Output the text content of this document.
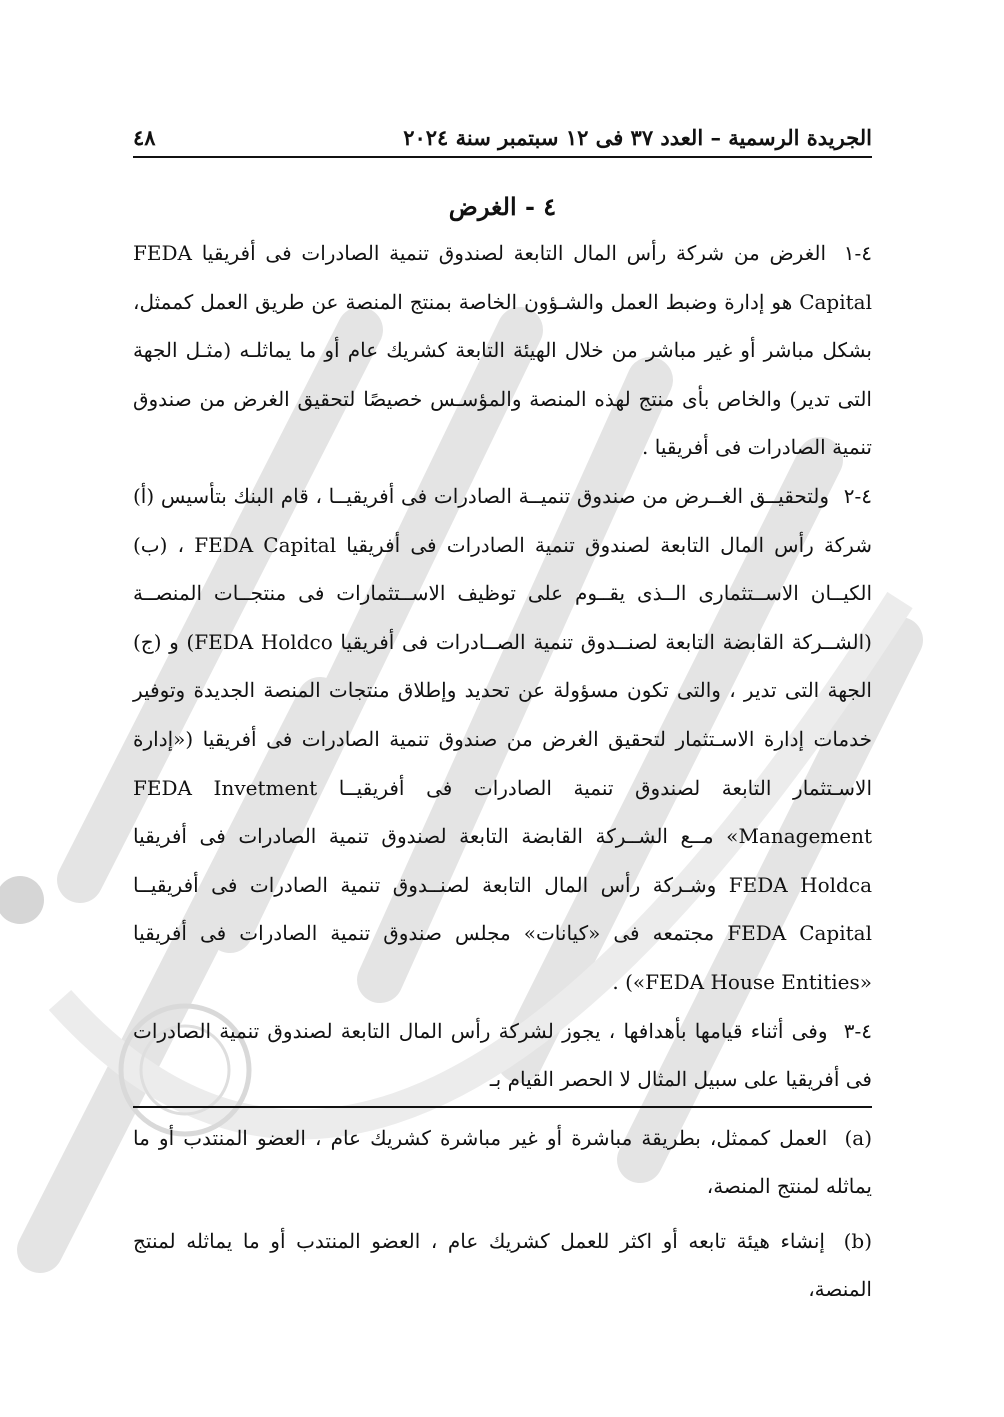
الجريدة الرسمية – العدد ٣٧ فى ١٢ سبتمبر سنة ٢٠٢٤
٤٨
٤ - الغرض

٤-١ الغرض من شركة رأس المال التابعة لصندوق تنمية الصادرات فى أفريقيا FEDA Capital هو إدارة وضبط العمل والشـؤون الخاصة بمنتج المنصة عن طريق العمل كممثل، بشكل مباشر أو غير مباشر من خلال الهيئة التابعة كشريك عام أو ما يماثلـه (مثـل الجهة التى تدير) والخاص بأى منتج لهذه المنصة والمؤسـس خصيصًا لتحقيق الغرض من صندوق تنمية الصادرات فى أفريقيا .

٤-٢ ولتحقيــق الغــرض من صندوق تنميــة الصادرات فى أفريقيــا ، قام البنك بتأسيس (أ) شركة رأس المال التابعة لصندوق تنمية الصادرات فى أفريقيا FEDA Capital ، (ب) الكيــان الاســتثمارى الــذى يقــوم على توظيف الاســتثمارات فى منتجــات المنصــة (الشــركة القابضة التابعة لصنــدوق تنمية الصــادرات فى أفريقيا FEDA Holdco) و (ج) الجهة التى تدير ، والتى تكون مسؤولة عن تحديد وإطلاق منتجات المنصة الجديدة وتوفير خدمات إدارة الاسـتثمار لتحقيق الغرض من صندوق تنمية الصادرات فى أفريقيا («إدارة الاسـتثمار التابعة لصندوق تنمية الصادرات فى أفريقيــا FEDA Invetment Management» مــع الشــركة القابضة التابعة لصندوق تنمية الصادرات فى أفريقيا FEDA Holdca وشـركة رأس المال التابعة لصنــدوق تنمية الصادرات فى أفريقيــا FEDA Capital مجتمعه فى «كيانات» مجلس صندوق تنمية الصادرات فى أفريقيا «FEDA House Entities») .

٤-٣ وفى أثناء قيامها بأهدافها ، يجوز لشركة رأس المال التابعة لصندوق تنمية الصادرات فى أفريقيا على سبيل المثال لا الحصر القيام بـ

(a) العمل كممثل، بطريقة مباشرة أو غير مباشرة كشريك عام ، العضو المنتدب أو ما يماثله لمنتج المنصة،

(b) إنشاء هيئة تابعه أو اكثر للعمل كشريك عام ، العضو المنتدب أو ما يماثله لمنتج المنصة،
